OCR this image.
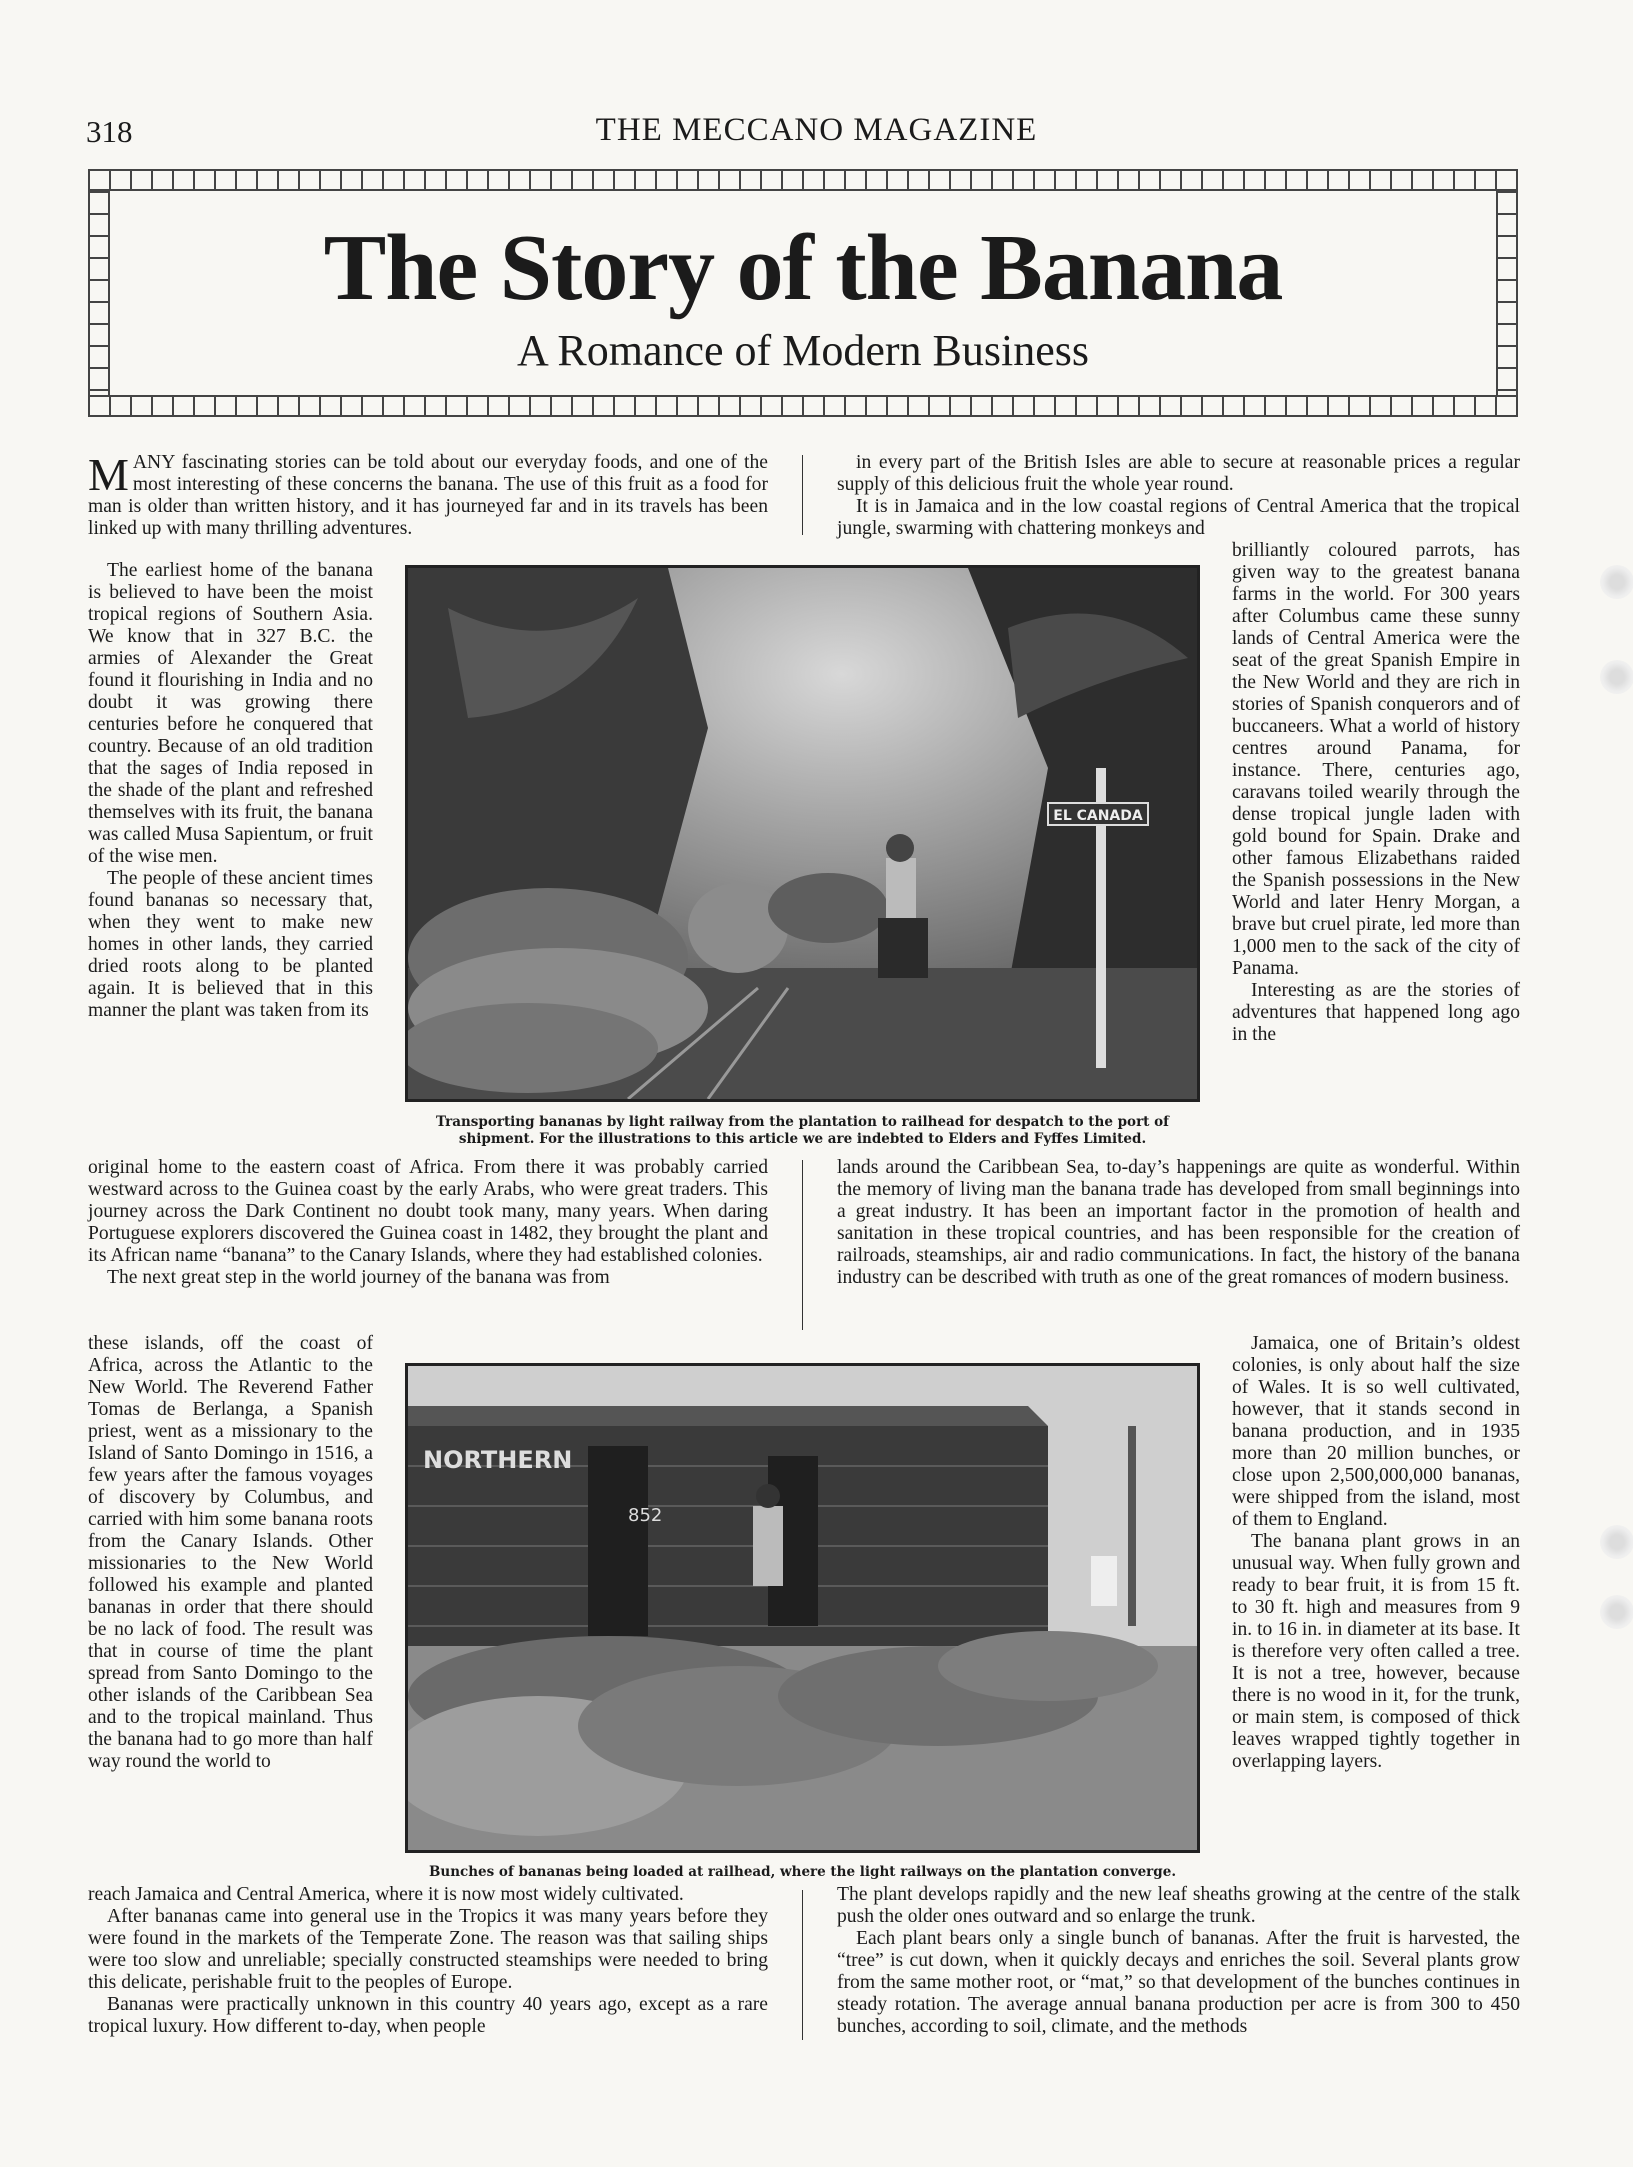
318	THE MECCANO MAGAZINE
The Story of the Banana
A Romance of Modern Business

MANY fascinating stories can be told about our everyday foods, and one of the most interesting of these concerns the banana. The use of this fruit as a food for man is older than written history, and it has journeyed far and in its travels has been linked up with many thrilling adventures.

in every part of the British Isles are able to secure at reasonable prices a regular supply of this delicious fruit the whole year round.

It is in Jamaica and in the low coastal regions of Central America that the tropical jungle, swarming with chattering monkeys and

The earliest home of the banana is believed to have been the moist tropical regions of Southern Asia. We know that in 327 B.C. the armies of Alexander the Great found it flourishing in India and no doubt it was growing there centuries before he conquered that country. Because of an old tradition that the sages of India reposed in the shade of the plant and refreshed themselves with its fruit, the banana was called Musa Sapientum, or fruit of the wise men.

The people of these ancient times found bananas so necessary that, when they went to make new homes in other lands, they carried dried roots along to be planted again. It is believed that in this manner the plant was taken from its

EL CANADA
Transporting bananas by light railway from the plantation to railhead for despatch to the port of shipment. For the illustrations to this article we are indebted to Elders and Fyffes Limited.

brilliantly coloured parrots, has given way to the greatest banana farms in the world. For 300 years after Columbus came these sunny lands of Central America were the seat of the great Spanish Empire in the New World and they are rich in stories of Spanish conquerors and of buccaneers. What a world of history centres around Panama, for instance. There, centuries ago, caravans toiled wearily through the dense tropical jungle laden with gold bound for Spain. Drake and other famous Elizabethans raided the Spanish possessions in the New World and later Henry Morgan, a brave but cruel pirate, led more than 1,000 men to the sack of the city of Panama.

Interesting as are the stories of adventures that happened long ago in the

original home to the eastern coast of Africa. From there it was probably carried westward across to the Guinea coast by the early Arabs, who were great traders. This journey across the Dark Continent no doubt took many, many years. When daring Portuguese explorers discovered the Guinea coast in 1482, they brought the plant and its African name “banana” to the Canary Islands, where they had established colonies.

The next great step in the world journey of the banana was from

lands around the Caribbean Sea, to-day’s happenings are quite as wonderful. Within the memory of living man the banana trade has developed from small beginnings into a great industry. It has been an important factor in the promotion of health and sanitation in these tropical countries, and has been responsible for the creation of railroads, steamships, air and radio communications. In fact, the history of the banana industry can be described with truth as one of the great romances of modern business.

these islands, off the coast of Africa, across the Atlantic to the New World. The Reverend Father Tomas de Berlanga, a Spanish priest, went as a missionary to the Island of Santo Domingo in 1516, a few years after the famous voyages of discovery by Columbus, and carried with him some banana roots from the Canary Islands. Other missionaries to the New World followed his example and planted bananas in order that there should be no lack of food. The result was that in course of time the plant spread from Santo Domingo to the other islands of the Caribbean Sea and to the tropical mainland. Thus the banana had to go more than half way round the world to

NORTHERN
852
Bunches of bananas being loaded at railhead, where the light railways on the plantation converge.

Jamaica, one of Britain’s oldest colonies, is only about half the size of Wales. It is so well cultivated, however, that it stands second in banana production, and in 1935 more than 20 million bunches, or close upon 2,500,000,000 bananas, were shipped from the island, most of them to England.

The banana plant grows in an unusual way. When fully grown and ready to bear fruit, it is from 15 ft. to 30 ft. high and measures from 9 in. to 16 in. in diameter at its base. It is therefore very often called a tree. It is not a tree, however, because there is no wood in it, for the trunk, or main stem, is composed of thick leaves wrapped tightly together in overlapping layers.

reach Jamaica and Central America, where it is now most widely cultivated.

After bananas came into general use in the Tropics it was many years before they were found in the markets of the Temperate Zone. The reason was that sailing ships were too slow and unreliable; specially constructed steamships were needed to bring this delicate, perishable fruit to the peoples of Europe.

Bananas were practically unknown in this country 40 years ago, except as a rare tropical luxury. How different to-day, when people

The plant develops rapidly and the new leaf sheaths growing at the centre of the stalk push the older ones outward and so enlarge the trunk.

Each plant bears only a single bunch of bananas. After the fruit is harvested, the “tree” is cut down, when it quickly decays and enriches the soil. Several plants grow from the same mother root, or “mat,” so that development of the bunches continues in steady rotation. The average annual banana production per acre is from 300 to 450 bunches, according to soil, climate, and the methods
